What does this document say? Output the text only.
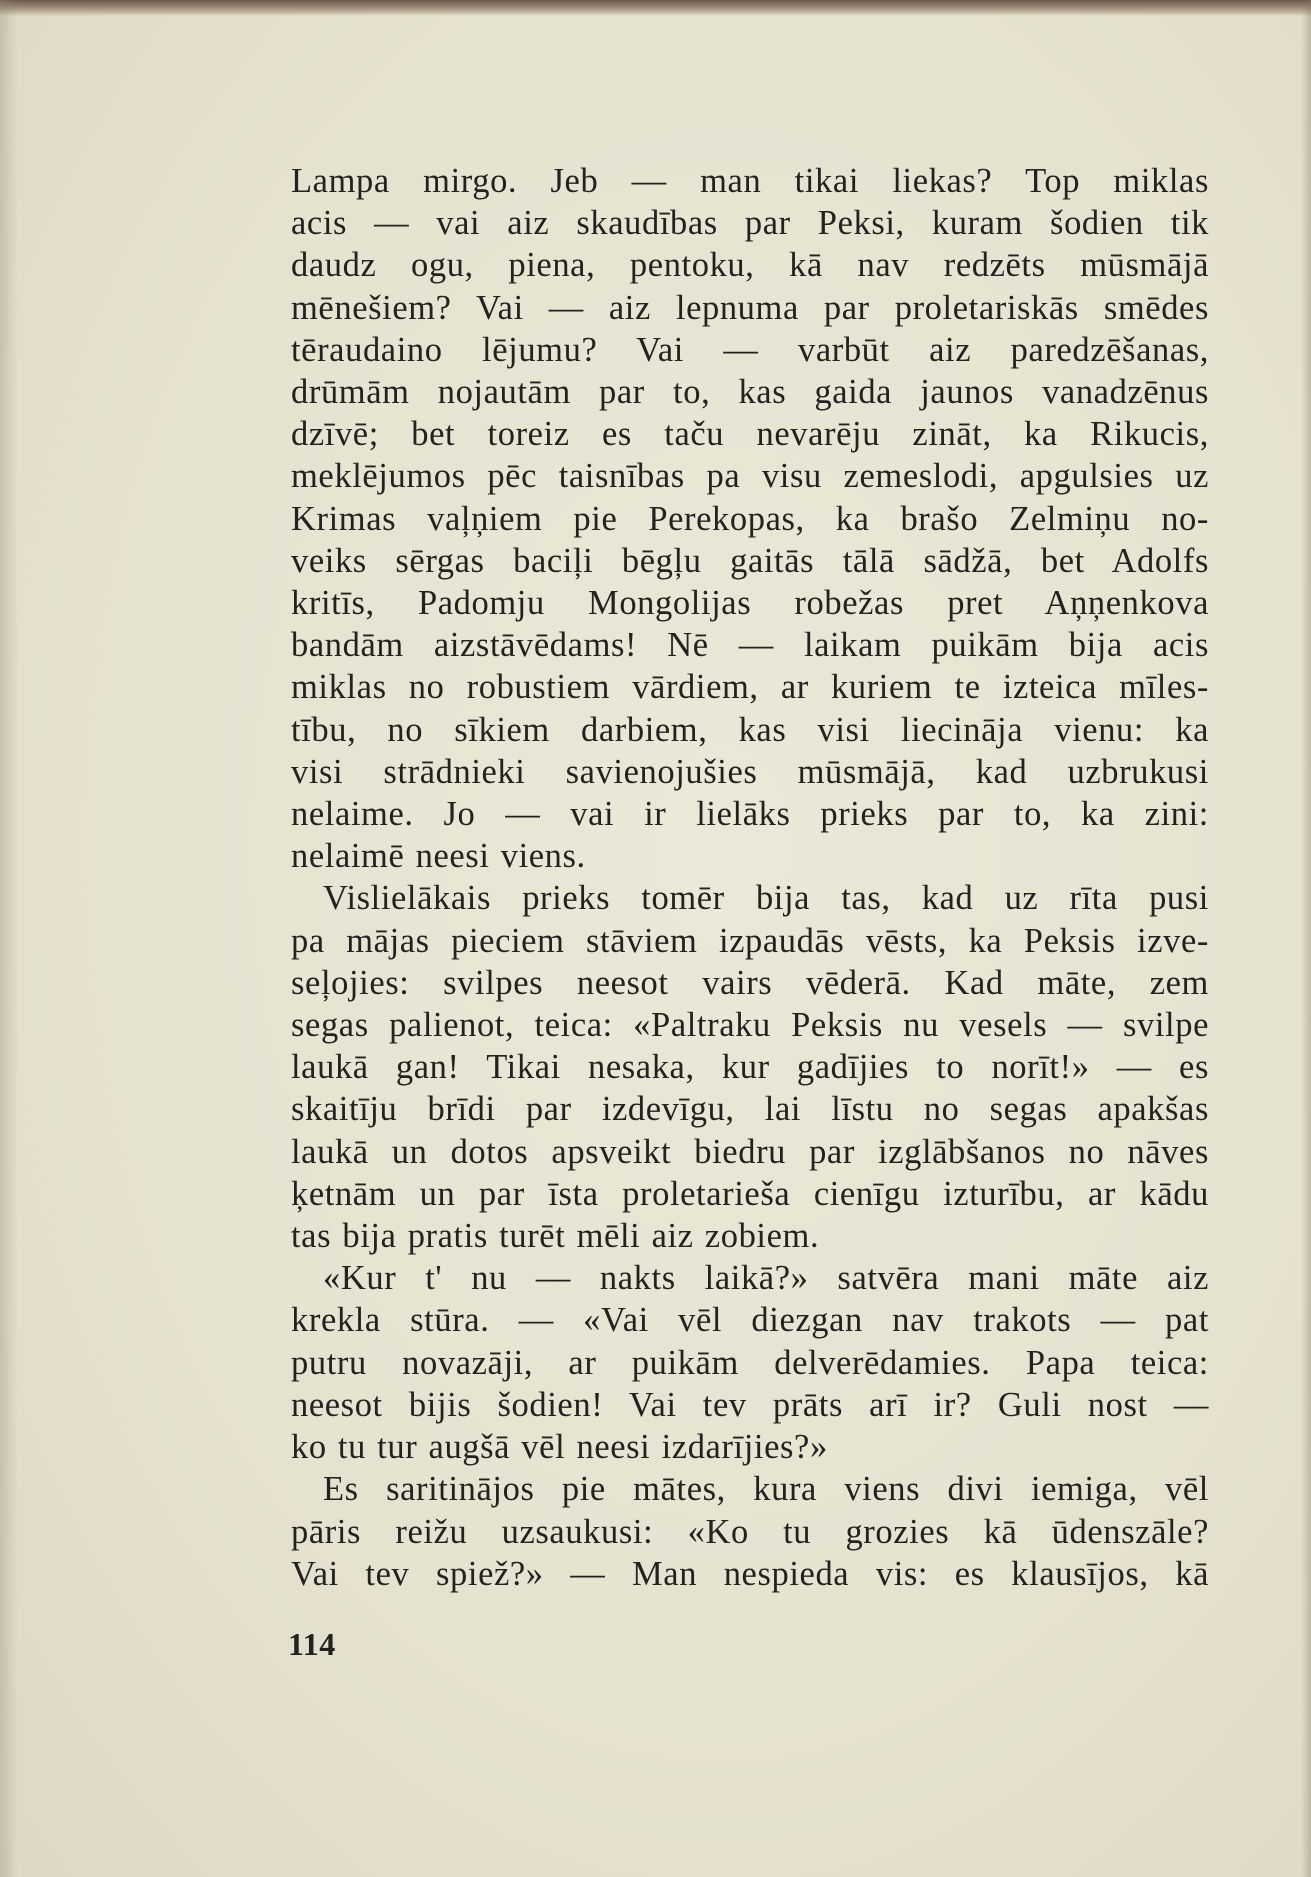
Lampa mirgo. Jeb — man tikai liekas? Top miklas
acis — vai aiz skaudības par Peksi, kuram šodien tik
daudz ogu, piena, pentoku, kā nav redzēts mūsmājā
mēnešiem? Vai — aiz lepnuma par proletariskās smēdes
tēraudaino lējumu? Vai — varbūt aiz paredzēšanas,
drūmām nojautām par to, kas gaida jaunos vanadzēnus
dzīvē; bet toreiz es taču nevarēju zināt, ka Rikucis,
meklējumos pēc taisnības pa visu zemeslodi, apgulsies uz
Krimas vaļņiem pie Perekopas, ka brašo Zelmiņu no-
veiks sērgas baciļi bēgļu gaitās tālā sādžā, bet Adolfs
kritīs, Padomju Mongolijas robežas pret Aņņenkova
bandām aizstāvēdams! Nē — laikam puikām bija acis
miklas no robustiem vārdiem, ar kuriem te izteica mīles-
tību, no sīkiem darbiem, kas visi liecināja vienu: ka
visi strādnieki savienojušies mūsmājā, kad uzbrukusi
nelaime. Jo — vai ir lielāks prieks par to, ka zini:
nelaimē neesi viens.
Vislielākais prieks tomēr bija tas, kad uz rīta pusi
pa mājas pieciem stāviem izpaudās vēsts, ka Peksis izve-
seļojies: svilpes neesot vairs vēderā. Kad māte, zem
segas palienot, teica: «Paltraku Peksis nu vesels — svilpe
laukā gan! Tikai nesaka, kur gadījies to norīt!» — es
skaitīju brīdi par izdevīgu, lai līstu no segas apakšas
laukā un dotos apsveikt biedru par izglābšanos no nāves
ķetnām un par īsta proletarieša cienīgu izturību, ar kādu
tas bija pratis turēt mēli aiz zobiem.
«Kur t' nu — nakts laikā?» satvēra mani māte aiz
krekla stūra. — «Vai vēl diezgan nav trakots — pat
putru novazāji, ar puikām delverēdamies. Papa teica:
neesot bijis šodien! Vai tev prāts arī ir? Guli nost —
ko tu tur augšā vēl neesi izdarījies?»
Es saritinājos pie mātes, kura viens divi iemiga, vēl
pāris reižu uzsaukusi: «Ko tu grozies kā ūdenszāle?
Vai tev spiež?» — Man nespieda vis: es klausījos, kā
114
